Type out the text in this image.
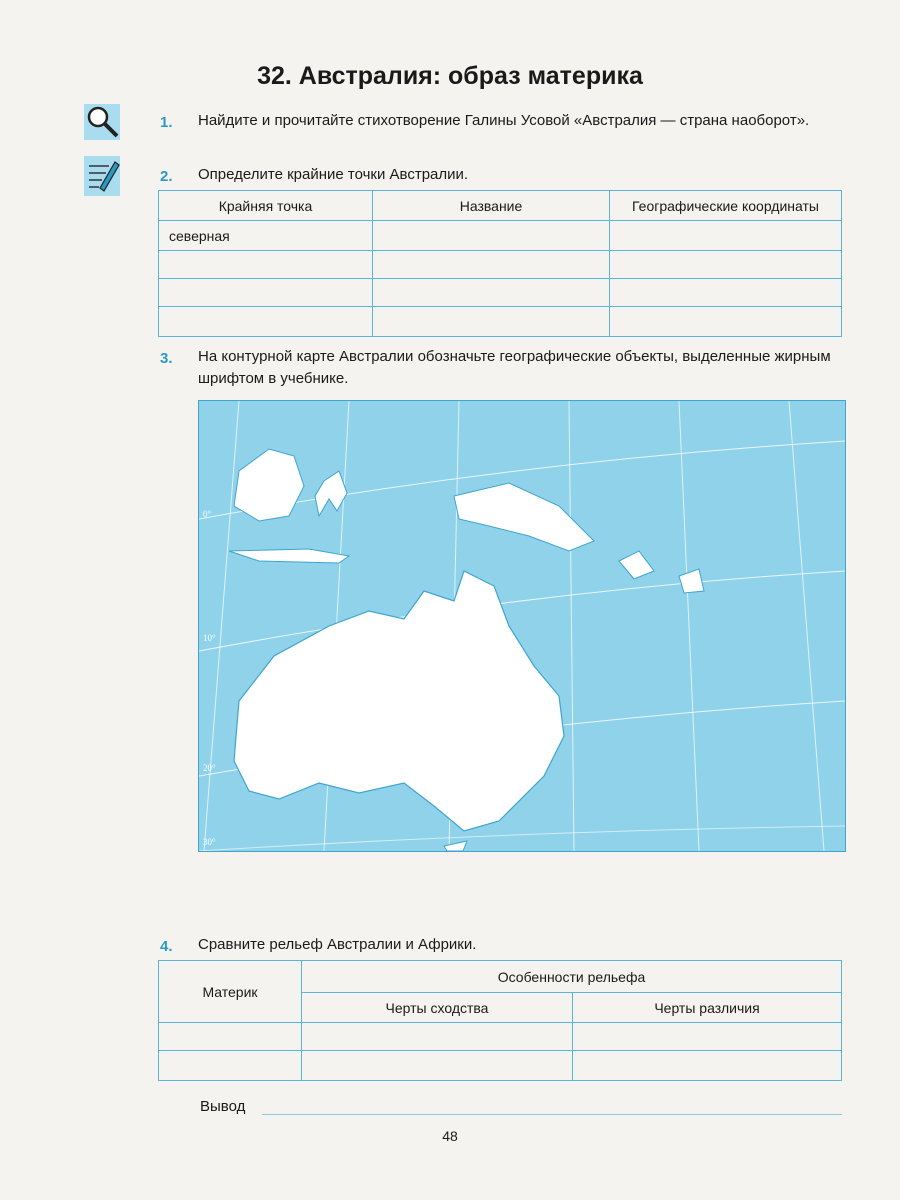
32. Австралия: образ материка
1. Найдите и прочитайте стихотворение Галины Усовой «Австралия — страна наоборот».
2. Определите крайние точки Австралии.
Крайняя точка	Название	Географические координаты
северная		

3. На контурной карте Австралии обозначьте географические объекты, выделенные жирным шрифтом в учебнике.
0°
10°
20°
30°
4. Сравните рельеф Австралии и Африки.
Материк	Особенности рельефа	
	Черты сходства	Черты различия

Вывод
48
